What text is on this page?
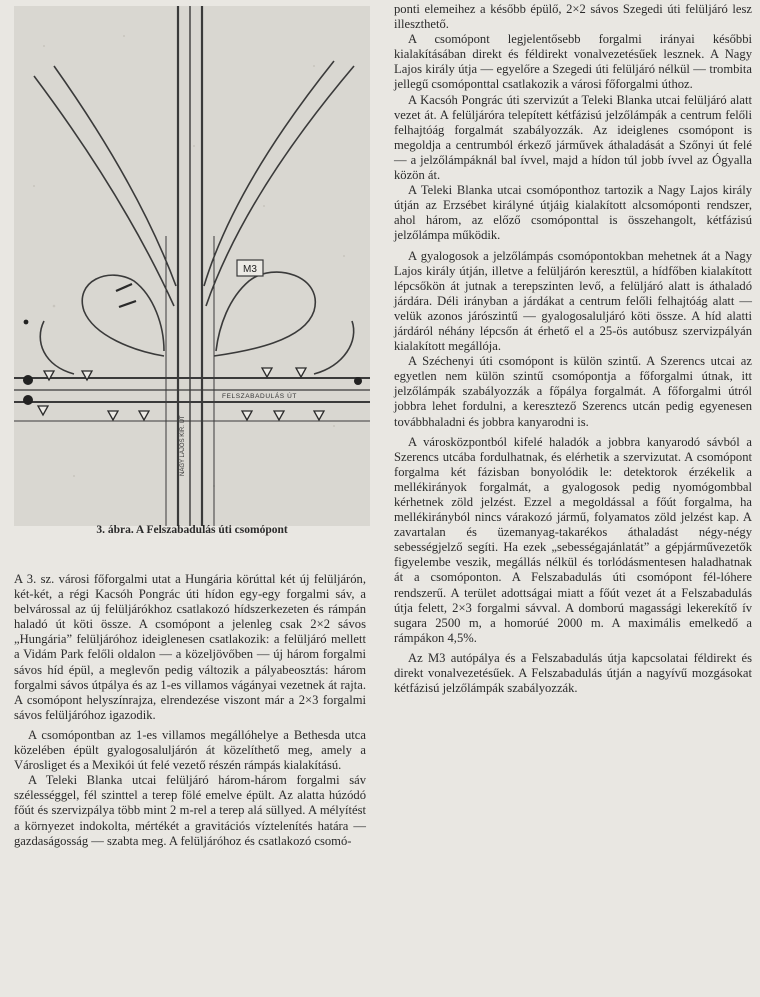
M3
FELSZABADULÁS ÚT
NAGY LAJOS KIR. ÚT
3. ábra. A Felszabadulás úti csomópont

A 3. sz. városi főforgalmi utat a Hungária körúttal két új felüljárón, két-két, a régi Kacsóh Pongrác úti hídon egy-egy forgalmi sáv, a belvárossal az új felüljárókhoz csatlakozó hídszerkezeten és rámpán haladó út köti össze. A csomópont a jelenleg csak 2×2 sávos „Hungária” felüljáróhoz ideiglenesen csatlakozik: a felüljáró mellett a Vidám Park felőli oldalon — a közeljövőben — új három forgalmi sávos híd épül, a meglevőn pedig változik a pályabeosztás: három forgalmi sávos útpálya és az 1-es villamos vágányai vezetnek át rajta. A csomópont helyszínrajza, elrendezése viszont már a 2×3 forgalmi sávos felüljáróhoz igazodik.

A csomópontban az 1-es villamos megállóhelye a Bethesda utca közelében épült gyalogosaluljárón át közelíthető meg, amely a Városliget és a Mexikói út felé vezető részén rámpás kialakítású.

A Teleki Blanka utcai felüljáró három-három forgalmi sáv szélességgel, fél szinttel a terep fölé emelve épült. Az alatta húzódó főút és szervizpálya több mint 2 m-rel a terep alá süllyed. A mélyítést a környezet indokolta, mértékét a gravitációs víztelenítés határa — gazdaságosság — szabta meg. A felüljáróhoz és csatlakozó csomó-

ponti elemeihez a később épülő, 2×2 sávos Szegedi úti felüljáró lesz illeszthető.

A csomópont legjelentősebb forgalmi irányai későbbi kialakításában direkt és féldirekt vonalvezetésűek lesznek. A Nagy Lajos király útja — egyelőre a Szegedi úti felüljáró nélkül — trombita jellegű csomóponttal csatlakozik a városi főforgalmi úthoz.

A Kacsóh Pongrác úti szervizút a Teleki Blanka utcai felüljáró alatt vezet át. A felüljáróra telepített kétfázisú jelzőlámpák a centrum felőli felhajtóág forgalmát szabályozzák. Az ideiglenes csomópont is megoldja a centrumból érkező járművek áthaladását a Szőnyi út felé — a jelzőlámpáknál bal ívvel, majd a hídon túl jobb ívvel az Ógyalla közön át.

A Teleki Blanka utcai csomóponthoz tartozik a Nagy Lajos király útján az Erzsébet királyné útjáig kialakított alcsomóponti rendszer, ahol három, az előző csomóponttal is összehangolt, kétfázisú jelzőlámpa működik.

A gyalogosok a jelzőlámpás csomópontokban mehetnek át a Nagy Lajos király útján, illetve a felüljárón keresztül, a hídfőben kialakított lépcsőkön át jutnak a terepszinten levő, a felüljáró alatt is áthaladó járdára. Déli irányban a járdákat a centrum felőli felhajtóág alatt — velük azonos járószintű — gyalogosaluljáró köti össze. A híd alatti járdáról néhány lépcsőn át érhető el a 25-ös autóbusz szervizpályán kialakított megállója.

A Széchenyi úti csomópont is külön szintű. A Szerencs utcai az egyetlen nem külön szintű csomópontja a főforgalmi útnak, itt jelzőlámpák szabályozzák a főpálya forgalmát. A főforgalmi útról jobbra lehet fordulni, a keresztező Szerencs utcán pedig egyenesen továbbhaladni és jobbra kanyarodni is.

A városközpontból kifelé haladók a jobbra kanyarodó sávból a Szerencs utcába fordulhatnak, és elérhetik a szervizutat. A csomópont forgalma két fázisban bonyolódik le: detektorok érzékelik a mellékirányok forgalmát, a gyalogosok pedig nyomógombbal kérhetnek zöld jelzést. Ezzel a megoldással a főút forgalma, ha mellékirányból nincs várakozó jármű, folyamatos zöld jelzést kap. A zavartalan és üzemanyag-takarékos áthaladást négy-négy sebességjelző segíti. Ha ezek „sebességajánlatát” a gépjárművezetők figyelembe veszik, megállás nélkül és torlódásmentesen haladhatnak át a csomóponton. A Felszabadulás úti csomópont fél-lóhere rendszerű. A terület adottságai miatt a főút vezet át a Felszabadulás útja felett, 2×3 forgalmi sávval. A domború magassági lekerekítő ív sugara 2500 m, a homorúé 2000 m. A maximális emelkedő a rámpákon 4,5%.

Az M3 autópálya és a Felszabadulás útja kapcsolatai féldirekt és direkt vonalvezetésűek. A Felszabadulás útján a nagyívű mozgásokat kétfázisú jelzőlámpák szabályozzák.
